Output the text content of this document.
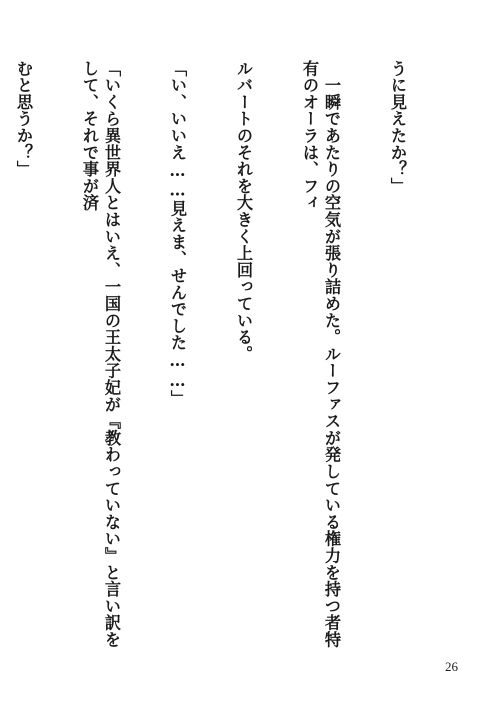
うに見えたか？」

　一瞬であたりの空気が張り詰めた。ルーファスが発している権力を持つ者特有のオーラは、フィ

ルバートのそれを大きく上回っている。

「い、いいえ……見えま、せんでした……」

「いくら異世界人とはいえ、一国の王太子妃が『教わっていない』と言い訳をして、それで事が済

むと思うか？」

26
